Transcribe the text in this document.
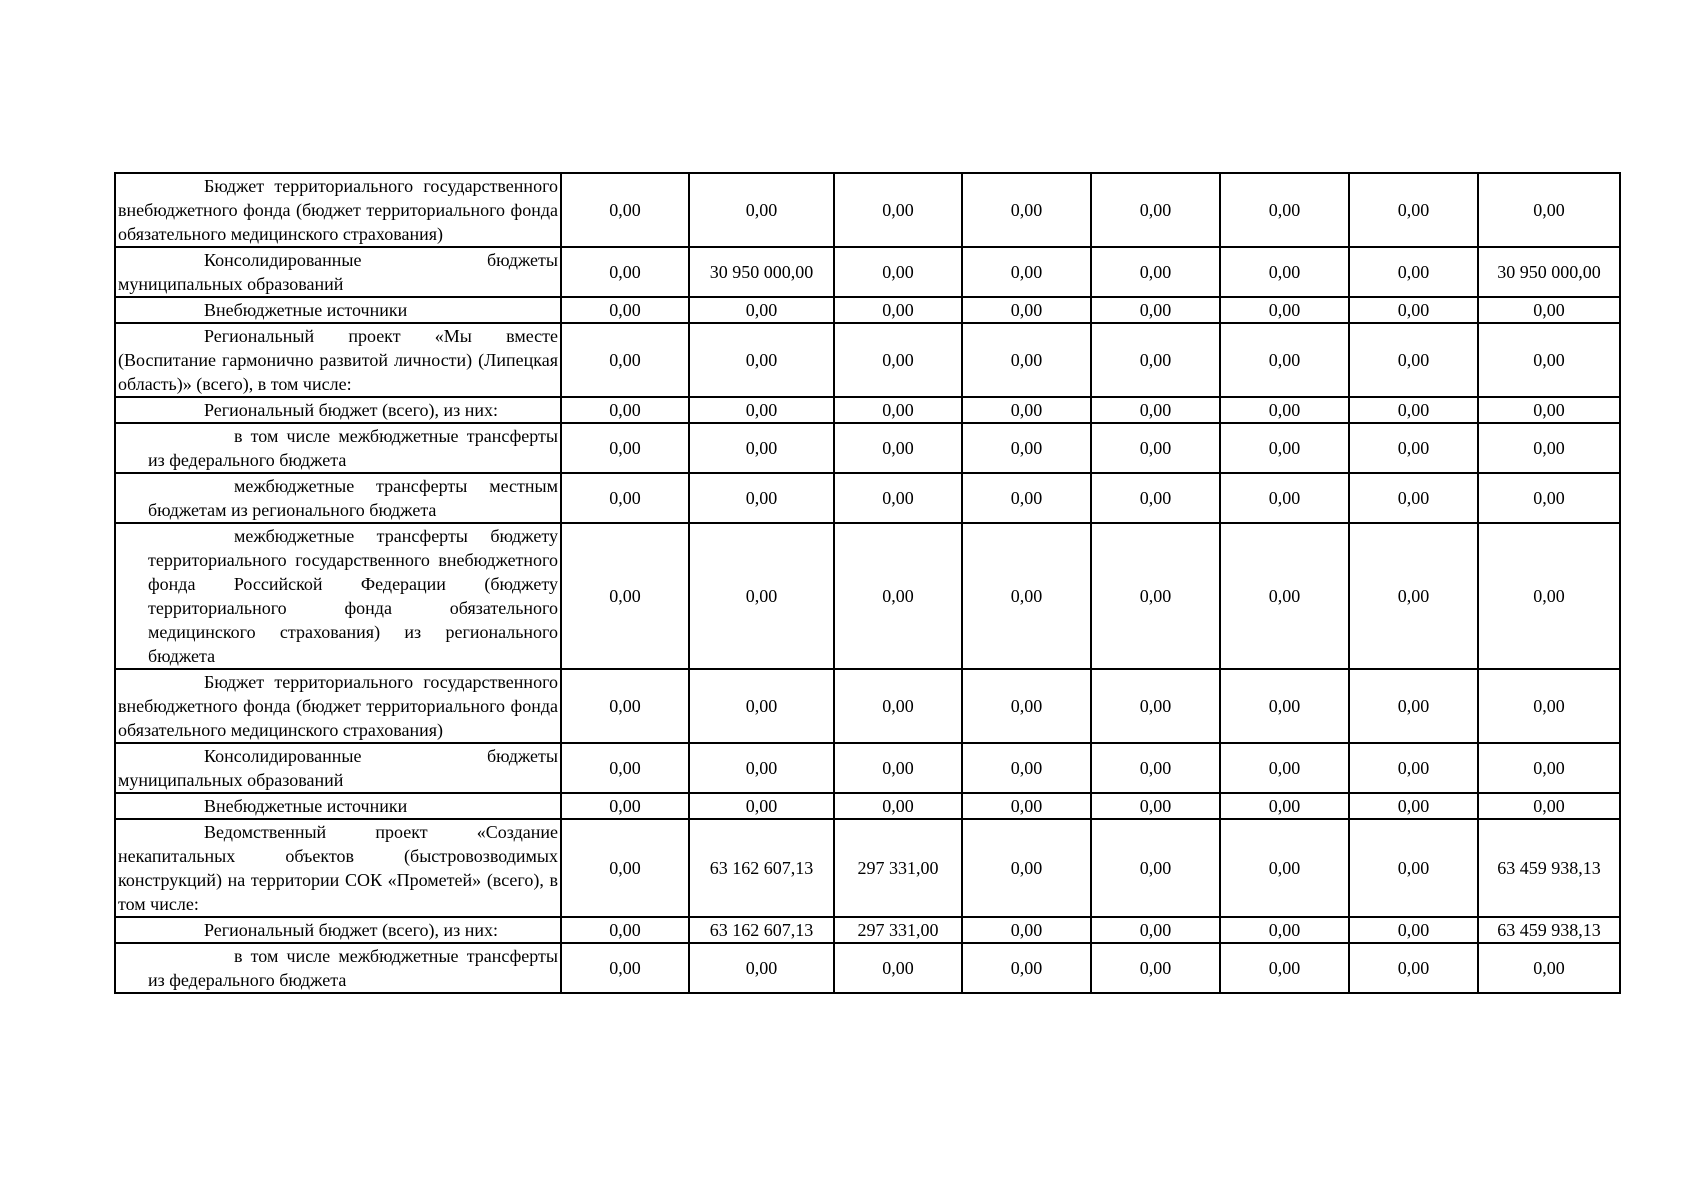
Бюджет территориального государственного внебюджетного фонда (бюджет территориального фонда обязательного медицинского страхования)	0,00	0,00	0,00	0,00	0,00	0,00	0,00	0,00

Консолидированные бюджеты муниципальных образований	0,00	30 950 000,00	0,00	0,00	0,00	0,00	0,00	30 950 000,00

Внебюджетные источники	0,00	0,00	0,00	0,00	0,00	0,00	0,00	0,00

Региональный проект «Мы вместе (Воспитание гармонично развитой личности) (Липецкая область)» (всего), в том числе:	0,00	0,00	0,00	0,00	0,00	0,00	0,00	0,00

Региональный бюджет (всего), из них:	0,00	0,00	0,00	0,00	0,00	0,00	0,00	0,00

в том числе межбюджетные трансферты из федерального бюджета	0,00	0,00	0,00	0,00	0,00	0,00	0,00	0,00

межбюджетные трансферты местным бюджетам из регионального бюджета	0,00	0,00	0,00	0,00	0,00	0,00	0,00	0,00

межбюджетные трансферты бюджету территориального государственного внебюджетного фонда Российской Федерации (бюджету территориального фонда обязательного медицинского страхования) из регионального бюджета	0,00	0,00	0,00	0,00	0,00	0,00	0,00	0,00

Бюджет территориального государственного внебюджетного фонда (бюджет территориального фонда обязательного медицинского страхования)	0,00	0,00	0,00	0,00	0,00	0,00	0,00	0,00

Консолидированные бюджеты муниципальных образований	0,00	0,00	0,00	0,00	0,00	0,00	0,00	0,00

Внебюджетные источники	0,00	0,00	0,00	0,00	0,00	0,00	0,00	0,00

Ведомственный проект «Создание некапитальных объектов (быстровозводимых конструкций) на территории СОК «Прометей» (всего), в том числе:	0,00	63 162 607,13	297 331,00	0,00	0,00	0,00	0,00	63 459 938,13

Региональный бюджет (всего), из них:	0,00	63 162 607,13	297 331,00	0,00	0,00	0,00	0,00	63 459 938,13

в том числе межбюджетные трансферты из федерального бюджета	0,00	0,00	0,00	0,00	0,00	0,00	0,00	0,00
